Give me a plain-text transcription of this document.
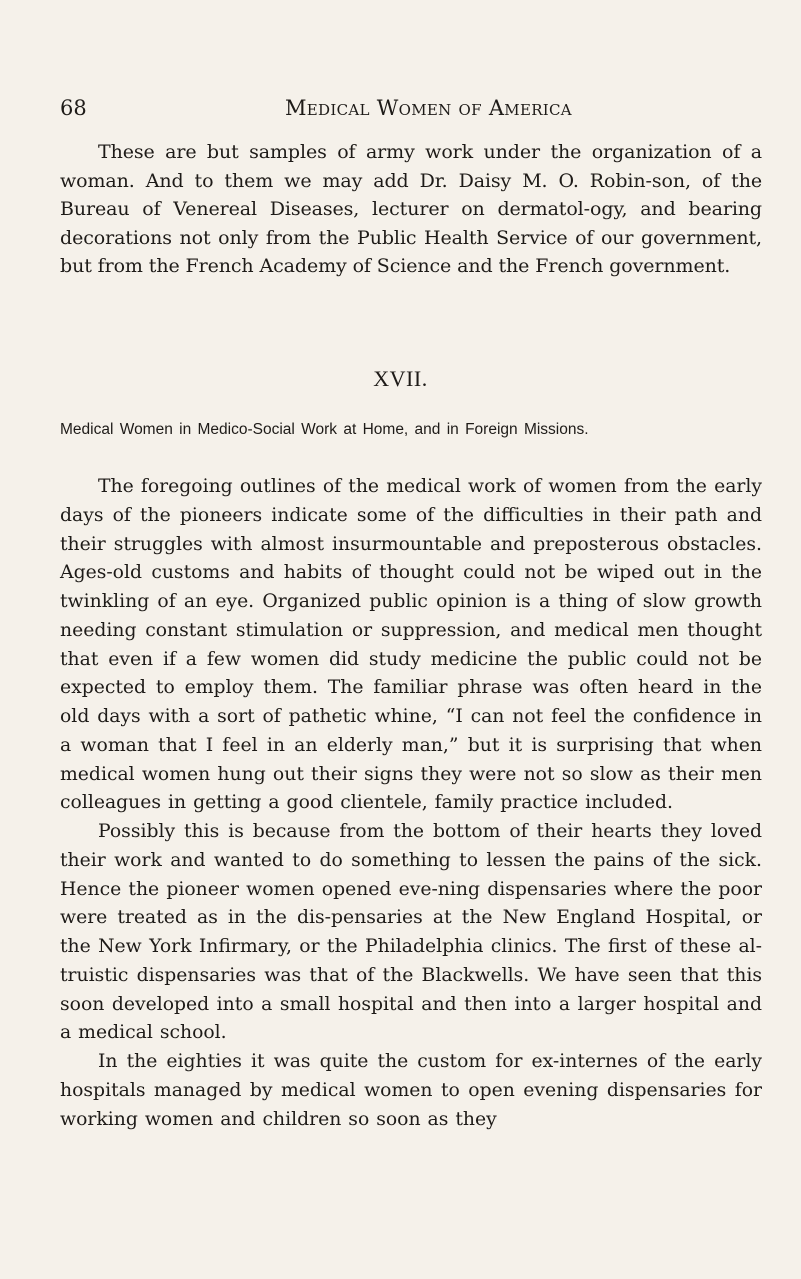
68	Medical Women of America

These are but samples of army work under the organization of a woman. And to them we may add Dr. Daisy M. O. Robin-son, of the Bureau of Venereal Diseases, lecturer on dermatol-ogy, and bearing decorations not only from the Public Health Service of our government, but from the French Academy of Science and the French government.

XVII.

Medical Women in Medico-Social Work at Home, and in Foreign Missions.

The foregoing outlines of the medical work of women from the early days of the pioneers indicate some of the difficulties in their path and their struggles with almost insurmountable and preposterous obstacles. Ages-old customs and habits of thought could not be wiped out in the twinkling of an eye. Organized public opinion is a thing of slow growth needing constant stimulation or suppression, and medical men thought that even if a few women did study medicine the public could not be expected to employ them. The familiar phrase was often heard in the old days with a sort of pathetic whine, “I can not feel the confidence in a woman that I feel in an elderly man,” but it is surprising that when medical women hung out their signs they were not so slow as their men colleagues in getting a good clientele, family practice included.

Possibly this is because from the bottom of their hearts they loved their work and wanted to do something to lessen the pains of the sick. Hence the pioneer women opened eve-ning dispensaries where the poor were treated as in the dis-pensaries at the New England Hospital, or the New York Infirmary, or the Philadelphia clinics. The first of these al-truistic dispensaries was that of the Blackwells. We have seen that this soon developed into a small hospital and then into a larger hospital and a medical school.

In the eighties it was quite the custom for ex-internes of the early hospitals managed by medical women to open evening dispensaries for working women and children so soon as they
